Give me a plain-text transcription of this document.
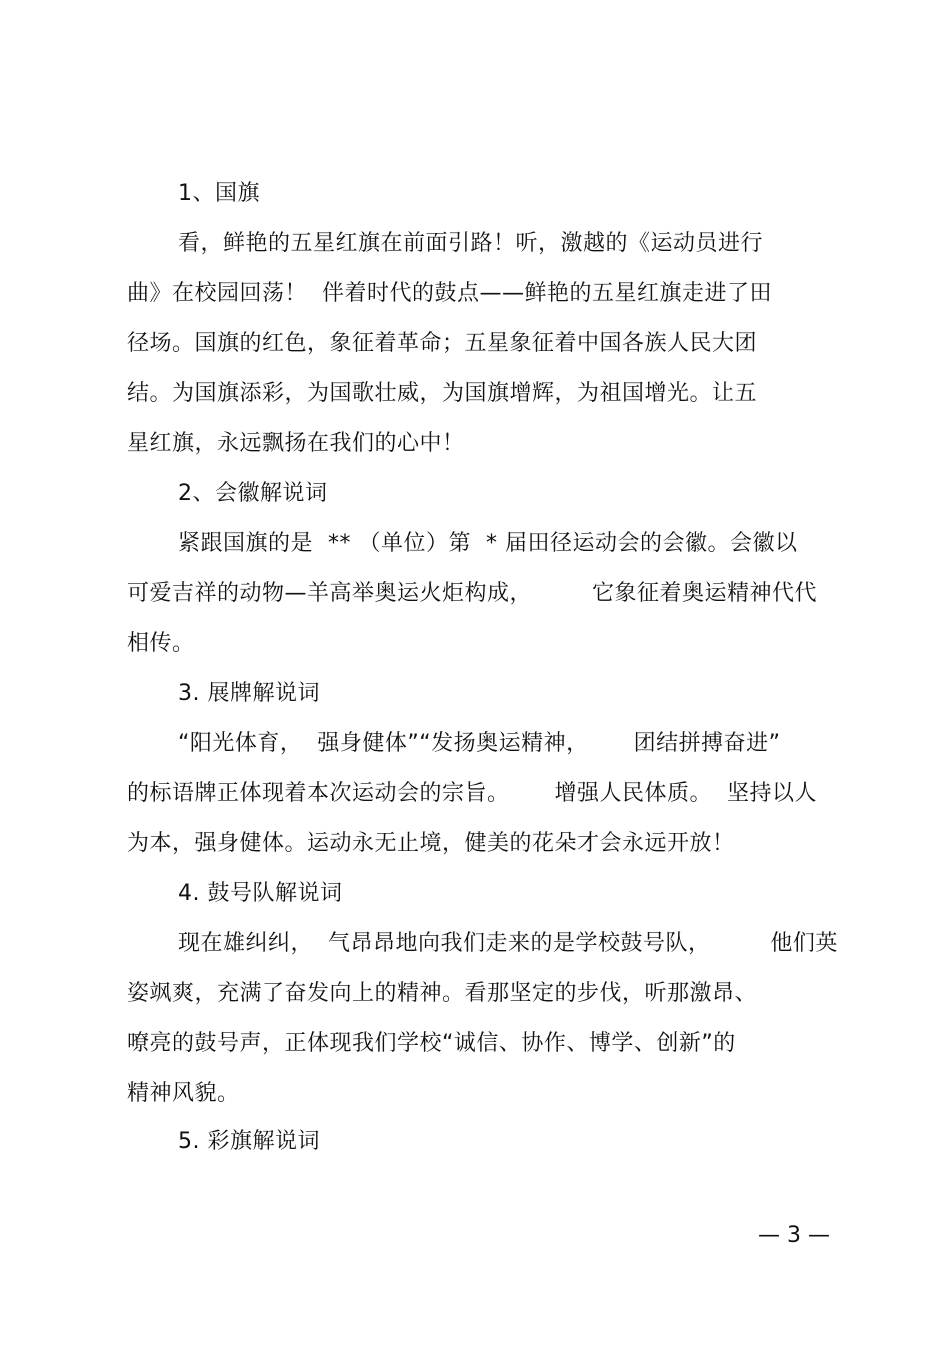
1、国旗
看，鲜艳的五星红旗在前面引路！听，激越的《运动员进行
曲》在校园回荡！  伴着时代的鼓点——鲜艳的五星红旗走进了田
径场。国旗的红色，象征着革命；五星象征着中国各族人民大团
结。为国旗添彩，为国歌壮威，为国旗增辉，为祖国增光。让五
星红旗，永远飘扬在我们的心中！
2、会徽解说词
紧跟国旗的是  ** （单位）第  * 届田径运动会的会徽。会徽以
可爱吉祥的动物—羊高举奥运火炬构成，        它象征着奥运精神代代
相传。
3. 展牌解说词
“阳光体育，  强身健体”“发扬奥运精神，      团结拼搏奋进”
的标语牌正体现着本次运动会的宗旨。      增强人民体质。  坚持以人
为本，强身健体。运动永无止境，健美的花朵才会永远开放！
4. 鼓号队解说词
现在雄纠纠，  气昂昂地向我们走来的是学校鼓号队，        他们英
姿飒爽，充满了奋发向上的精神。看那坚定的步伐，听那激昂、
嘹亮的鼓号声，正体现我们学校“诚信、协作、博学、创新”的
精神风貌。
5. 彩旗解说词
— 3 —
